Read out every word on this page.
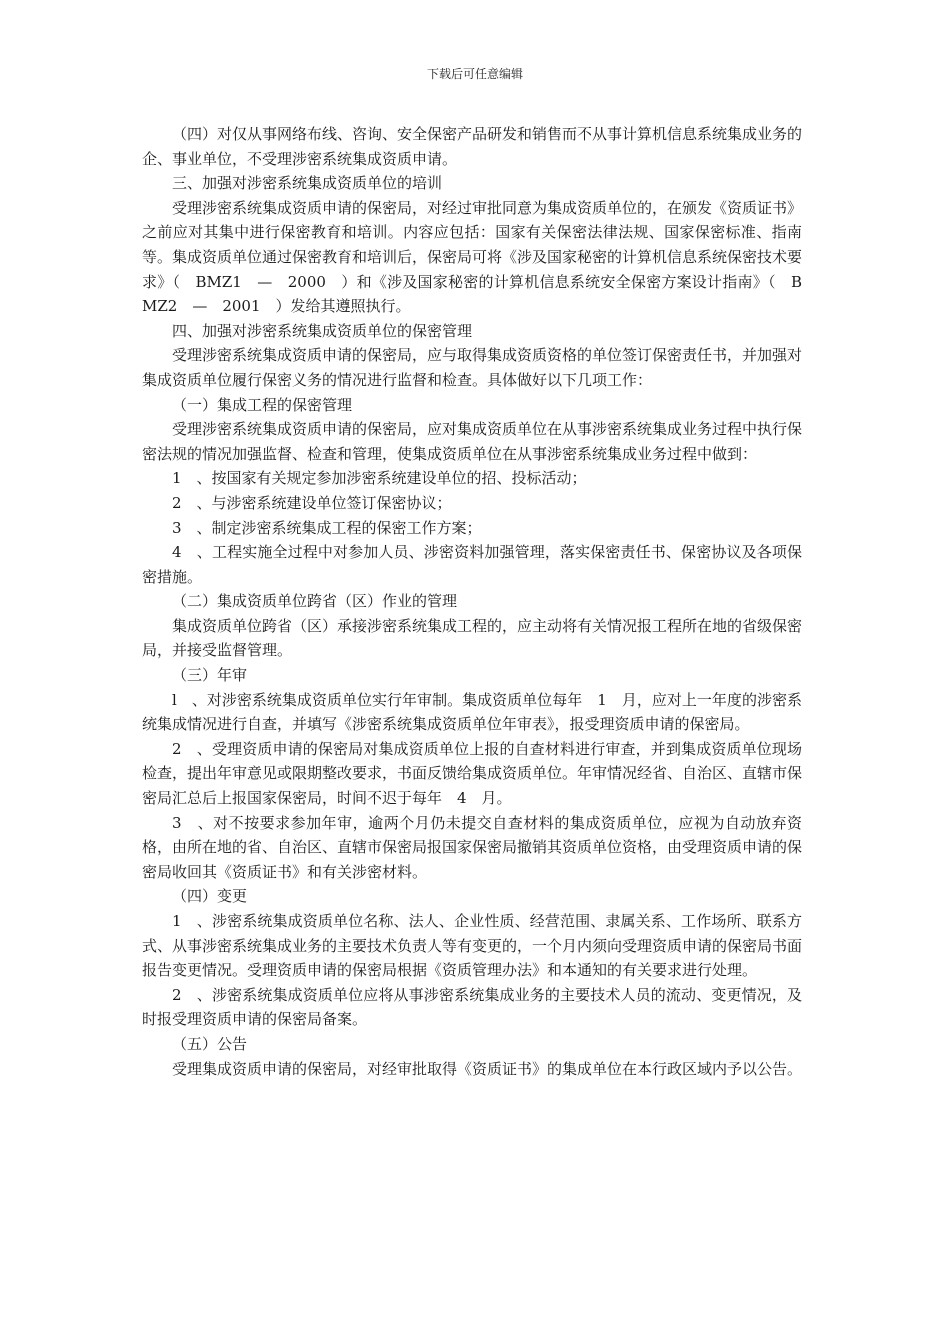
下载后可任意编辑

（四）对仅从事网络布线、咨询、安全保密产品研发和销售而不从事计算机信息系统集成业务的企、事业单位，不受理涉密系统集成资质申请。

三、加强对涉密系统集成资质单位的培训

受理涉密系统集成资质申请的保密局，对经过审批同意为集成资质单位的，在颁发《资质证书》之前应对其集中进行保密教育和培训。内容应包括：国家有关保密法律法规、国家保密标准、指南等。集成资质单位通过保密教育和培训后，保密局可将《涉及国家秘密的计算机信息系统保密技术要求》（　BMZ1　—　2000　）和《涉及国家秘密的计算机信息系统安全保密方案设计指南》（　BMZ2　—　2001　）发给其遵照执行。

四、加强对涉密系统集成资质单位的保密管理

受理涉密系统集成资质申请的保密局，应与取得集成资质资格的单位签订保密责任书，并加强对集成资质单位履行保密义务的情况进行监督和检查。具体做好以下几项工作：

（一）集成工程的保密管理

受理涉密系统集成资质申请的保密局，应对集成资质单位在从事涉密系统集成业务过程中执行保密法规的情况加强监督、检查和管理，使集成资质单位在从事涉密系统集成业务过程中做到：

1　、按国家有关规定参加涉密系统建设单位的招、投标活动；

2　、与涉密系统建设单位签订保密协议；

3　、制定涉密系统集成工程的保密工作方案；

4　、工程实施全过程中对参加人员、涉密资料加强管理，落实保密责任书、保密协议及各项保密措施。

（二）集成资质单位跨省（区）作业的管理

集成资质单位跨省（区）承接涉密系统集成工程的，应主动将有关情况报工程所在地的省级保密局，并接受监督管理。

（三）年审

l　、对涉密系统集成资质单位实行年审制。集成资质单位每年　1　月，应对上一年度的涉密系统集成情况进行自查，并填写《涉密系统集成资质单位年审表》，报受理资质申请的保密局。

2　、受理资质申请的保密局对集成资质单位上报的自查材料进行审查，并到集成资质单位现场检查，提出年审意见或限期整改要求，书面反馈给集成资质单位。年审情况经省、自治区、直辖市保密局汇总后上报国家保密局，时间不迟于每年　4　月。

3　、对不按要求参加年审，逾两个月仍未提交自查材料的集成资质单位，应视为自动放弃资格，由所在地的省、自治区、直辖市保密局报国家保密局撤销其资质单位资格，由受理资质申请的保密局收回其《资质证书》和有关涉密材料。

（四）变更

1　、涉密系统集成资质单位名称、法人、企业性质、经营范围、隶属关系、工作场所、联系方式、从事涉密系统集成业务的主要技术负责人等有变更的，一个月内须向受理资质申请的保密局书面报告变更情况。受理资质申请的保密局根据《资质管理办法》和本通知的有关要求进行处理。

2　、涉密系统集成资质单位应将从事涉密系统集成业务的主要技术人员的流动、变更情况，及时报受理资质申请的保密局备案。

（五）公告

受理集成资质申请的保密局，对经审批取得《资质证书》的集成单位在本行政区域内予以公告。
